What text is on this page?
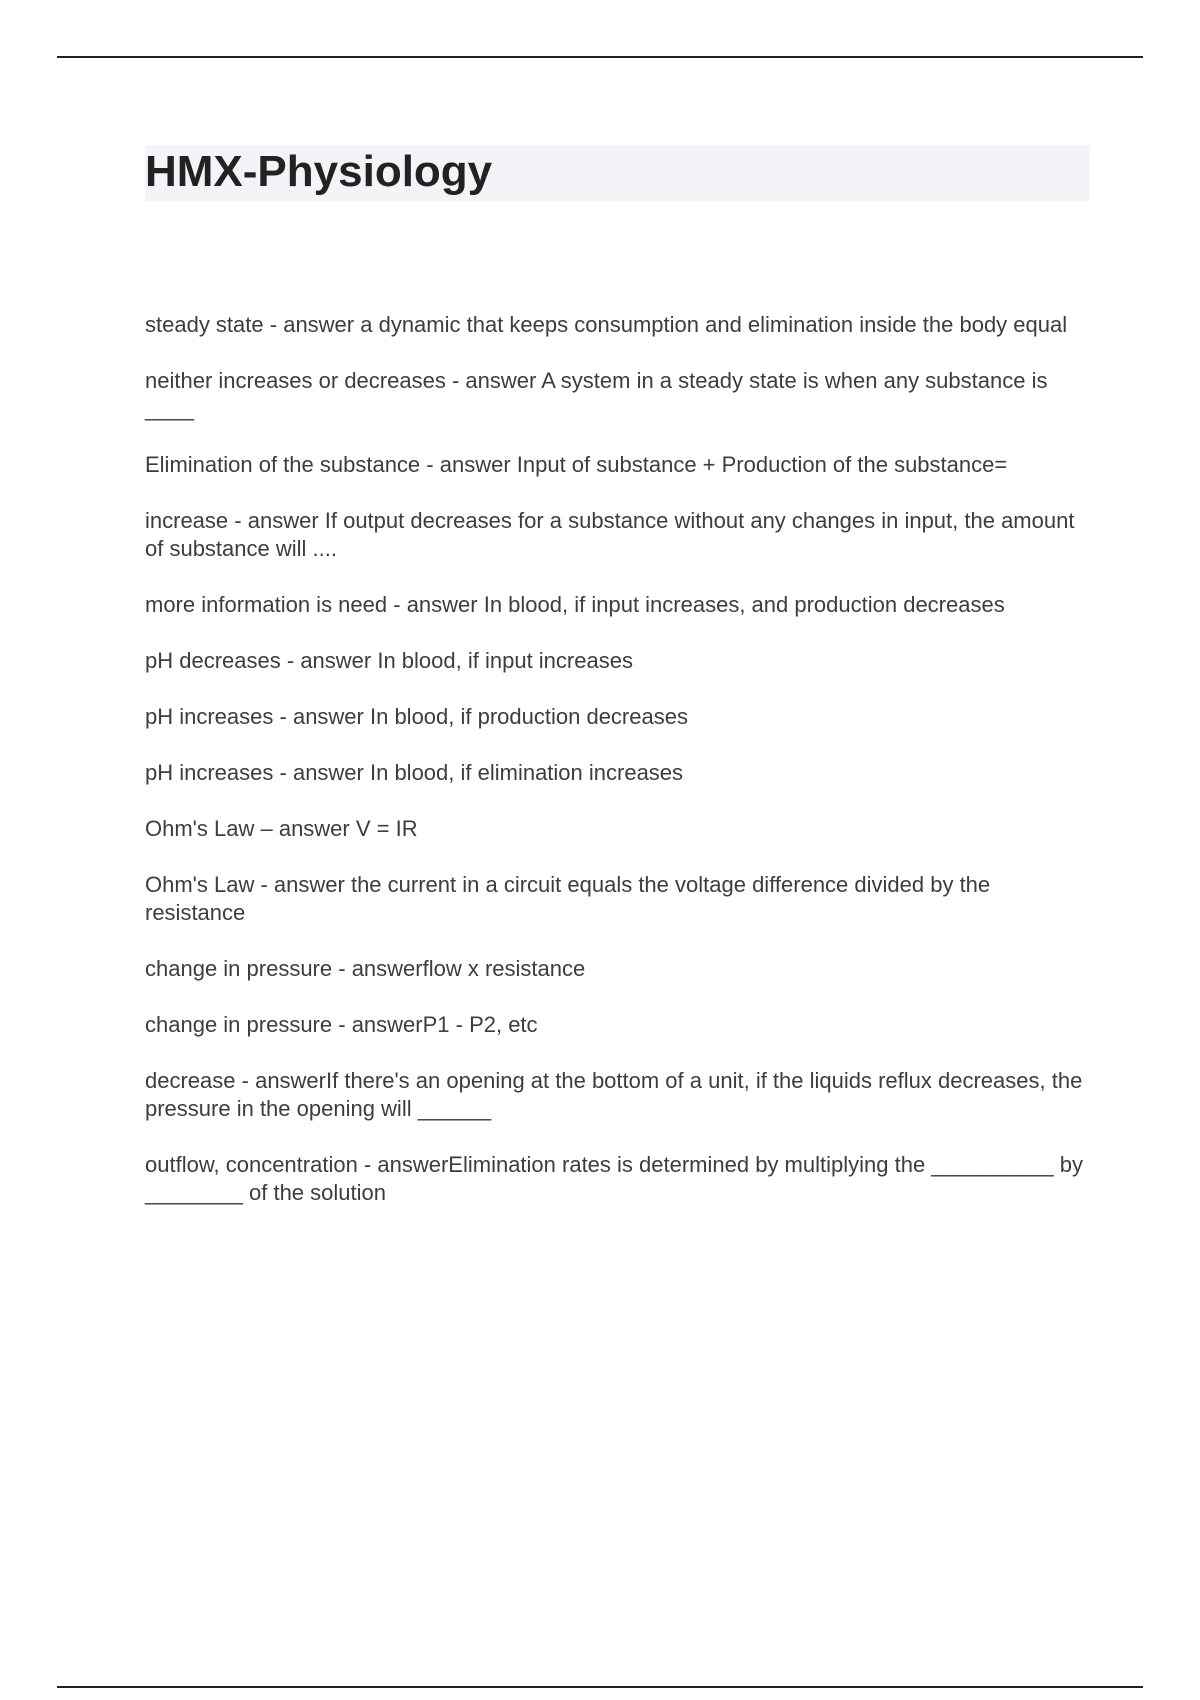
HMX-Physiology
steady state - answer a dynamic that keeps consumption and elimination inside the body equal
neither increases or decreases - answer A system in a steady state is when any substance is ____
Elimination of the substance - answer Input of substance + Production of the substance=
increase - answer If output decreases for a substance without any changes in input, the amount of substance will ....
more information is need - answer In blood, if input increases, and production decreases
pH decreases - answer In blood, if input increases
pH increases - answer In blood, if production decreases
pH increases - answer In blood, if elimination increases
Ohm's Law – answer V = IR
Ohm's Law - answer the current in a circuit equals the voltage difference divided by the resistance
change in pressure - answerflow x resistance
change in pressure - answerP1 - P2, etc
decrease - answerIf there's an opening at the bottom of a unit, if the liquids reflux decreases, the pressure in the opening will ______
outflow, concentration - answerElimination rates is determined by multiplying the __________ by ________ of the solution
